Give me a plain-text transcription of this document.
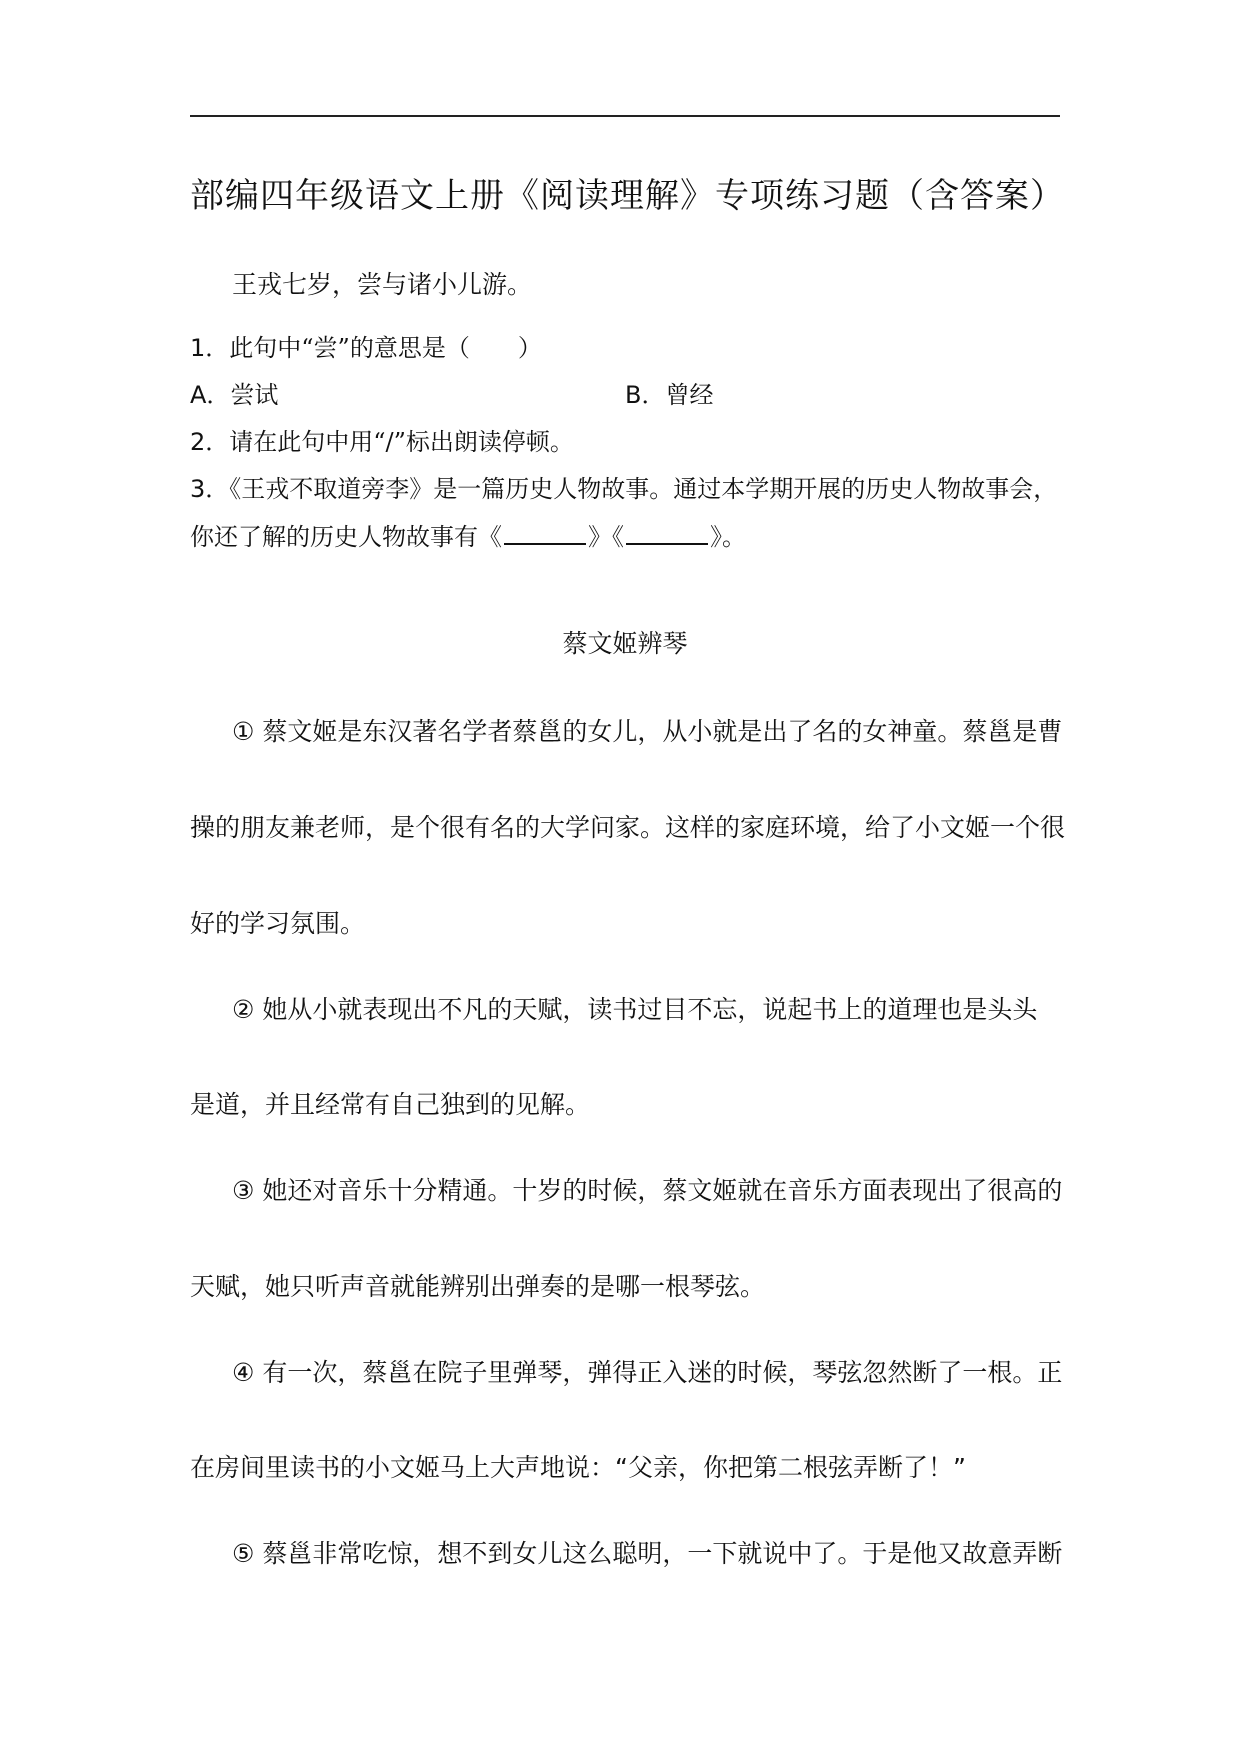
部编四年级语文上册《阅读理解》专项练习题（含答案）
王戎七岁，尝与诸小儿游。
1．此句中“尝”的意思是（　　）
A．尝试	B．曾经
2．请在此句中用“/”标出朗读停顿。
3．《王戎不取道旁李》是一篇历史人物故事。通过本学期开展的历史人物故事会，
你还了解的历史人物故事有《	》《	》。
蔡文姬辨琴
① 蔡文姬是东汉著名学者蔡邕的女儿，从小就是出了名的女神童。蔡邕是曹
操的朋友兼老师，是个很有名的大学问家。这样的家庭环境，给了小文姬一个很
好的学习氛围。
② 她从小就表现出不凡的天赋，读书过目不忘，说起书上的道理也是头头
是道，并且经常有自己独到的见解。
③ 她还对音乐十分精通。十岁的时候，蔡文姬就在音乐方面表现出了很高的
天赋，她只听声音就能辨别出弹奏的是哪一根琴弦。
④ 有一次，蔡邕在院子里弹琴，弹得正入迷的时候，琴弦忽然断了一根。正
在房间里读书的小文姬马上大声地说：“父亲，你把第二根弦弄断了！”
⑤ 蔡邕非常吃惊，想不到女儿这么聪明，一下就说中了。于是他又故意弄断
